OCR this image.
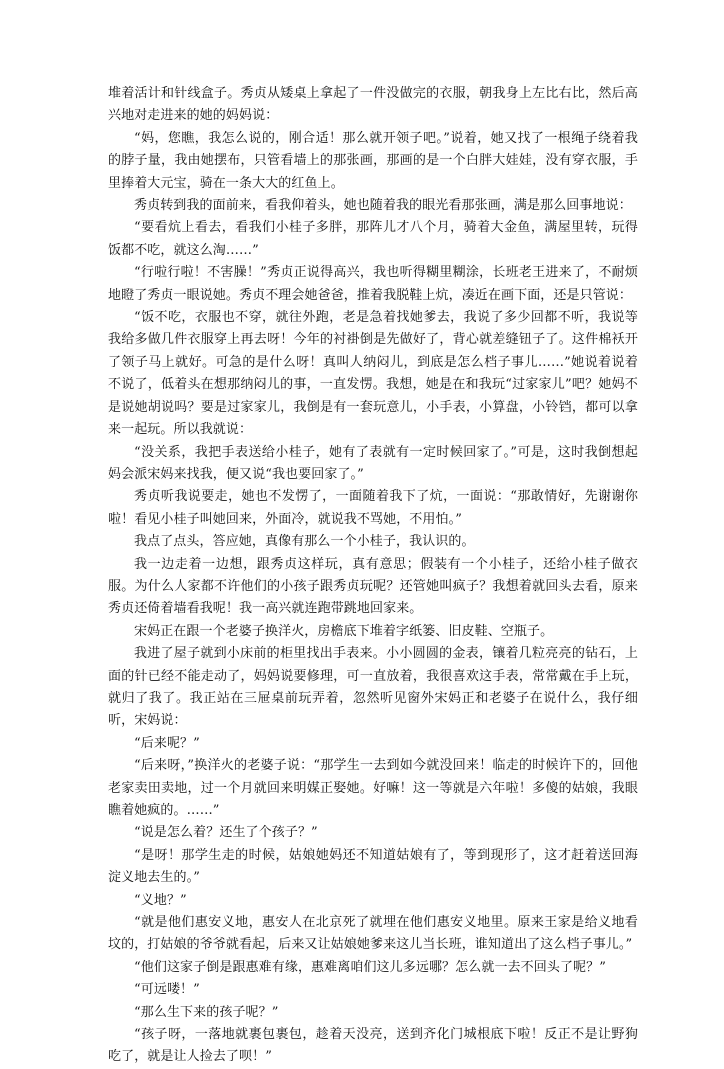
堆着活计和针线盒子。秀贞从矮桌上拿起了一件没做完的衣服，朝我身上左比右比，然后高兴地对走进来的她的妈妈说：

“妈，您瞧，我怎么说的，刚合适！那么就开领子吧。”说着，她又找了一根绳子绕着我的脖子量，我由她摆布，只管看墙上的那张画，那画的是一个白胖大娃娃，没有穿衣服，手里捧着大元宝，骑在一条大大的红鱼上。

秀贞转到我的面前来，看我仰着头，她也随着我的眼光看那张画，满是那么回事地说：

“要看炕上看去，看我们小桂子多胖，那阵儿才八个月，骑着大金鱼，满屋里转，玩得饭都不吃，就这么淘……”

“行啦行啦！不害臊！”秀贞正说得高兴，我也听得糊里糊涂，长班老王进来了，不耐烦地瞪了秀贞一眼说她。秀贞不理会她爸爸，推着我脱鞋上炕，凑近在画下面，还是只管说：

“饭不吃，衣服也不穿，就往外跑，老是急着找她爹去，我说了多少回都不听，我说等我给多做几件衣服穿上再去呀！今年的衬褂倒是先做好了，背心就差缝钮子了。这件棉袄开了领子马上就好。可急的是什么呀！真叫人纳闷儿，到底是怎么档子事儿……”她说着说着不说了，低着头在想那纳闷儿的事，一直发愣。我想，她是在和我玩“过家家儿”吧？她妈不是说她胡说吗？要是过家家儿，我倒是有一套玩意儿，小手表，小算盘，小铃铛，都可以拿来一起玩。所以我就说：

“没关系，我把手表送给小桂子，她有了表就有一定时候回家了。”可是，这时我倒想起妈会派宋妈来找我，便又说“我也要回家了。”

秀贞听我说要走，她也不发愣了，一面随着我下了炕，一面说：“那敢情好，先谢谢你啦！看见小桂子叫她回来，外面冷，就说我不骂她，不用怕。”

我点了点头，答应她，真像有那么一个小桂子，我认识的。

我一边走着一边想，跟秀贞这样玩，真有意思；假装有一个小桂子，还给小桂子做衣服。为什么人家都不许他们的小孩子跟秀贞玩呢？还管她叫疯子？我想着就回头去看，原来秀贞还倚着墙看我呢！我一高兴就连跑带跳地回家来。

宋妈正在跟一个老婆子换洋火，房檐底下堆着字纸篓、旧皮鞋、空瓶子。

我进了屋子就到小床前的柜里找出手表来。小小圆圆的金表，镶着几粒亮亮的钻石，上面的针已经不能走动了，妈妈说要修理，可一直放着，我很喜欢这手表，常常戴在手上玩，就归了我了。我正站在三屉桌前玩弄着，忽然听见窗外宋妈正和老婆子在说什么，我仔细听，宋妈说：

“后来呢？”

“后来呀，”换洋火的老婆子说：“那学生一去到如今就没回来！临走的时候许下的，回他老家卖田卖地，过一个月就回来明媒正娶她。好嘛！这一等就是六年啦！多傻的姑娘，我眼瞧着她疯的。……”

“说是怎么着？还生了个孩子？”

“是呀！那学生走的时候，姑娘她妈还不知道姑娘有了，等到现形了，这才赶着送回海淀义地去生的。”

“义地？”

“就是他们惠安义地，惠安人在北京死了就埋在他们惠安义地里。原来王家是给义地看坟的，打姑娘的爷爷就看起，后来又让姑娘她爹来这儿当长班，谁知道出了这么档子事儿。”

“他们这家子倒是跟惠难有缘，惠难离咱们这儿多远哪？怎么就一去不回头了呢？”

“可远喽！”

“那么生下来的孩子呢？”

“孩子呀，一落地就裹包裹包，趁着天没亮，送到齐化门城根底下啦！反正不是让野狗吃了，就是让人捡去了呗！”
